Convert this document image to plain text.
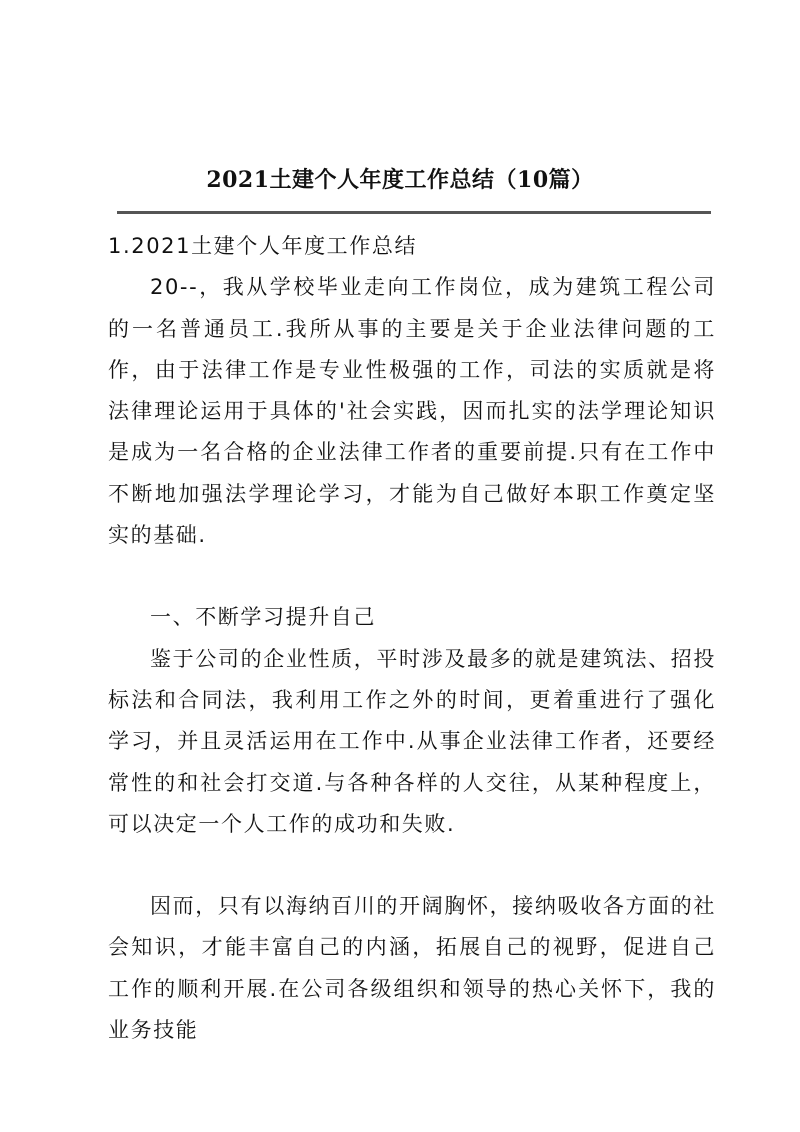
2021土建个人年度工作总结（10篇）

1.2021土建个人年度工作总结

20--，我从学校毕业走向工作岗位，成为建筑工程公司的一名普通员工.我所从事的主要是关于企业法律问题的工作，由于法律工作是专业性极强的工作，司法的实质就是将法律理论运用于具体的'社会实践，因而扎实的法学理论知识是成为一名合格的企业法律工作者的重要前提.只有在工作中不断地加强法学理论学习，才能为自己做好本职工作奠定坚实的基础.

一、不断学习提升自己

鉴于公司的企业性质，平时涉及最多的就是建筑法、招投标法和合同法，我利用工作之外的时间，更着重进行了强化学习，并且灵活运用在工作中.从事企业法律工作者，还要经常性的和社会打交道.与各种各样的人交往，从某种程度上，可以决定一个人工作的成功和失败.

因而，只有以海纳百川的开阔胸怀，接纳吸收各方面的社会知识，才能丰富自己的内涵，拓展自己的视野，促进自己工作的顺利开展.在公司各级组织和领导的热心关怀下，我的业务技能
